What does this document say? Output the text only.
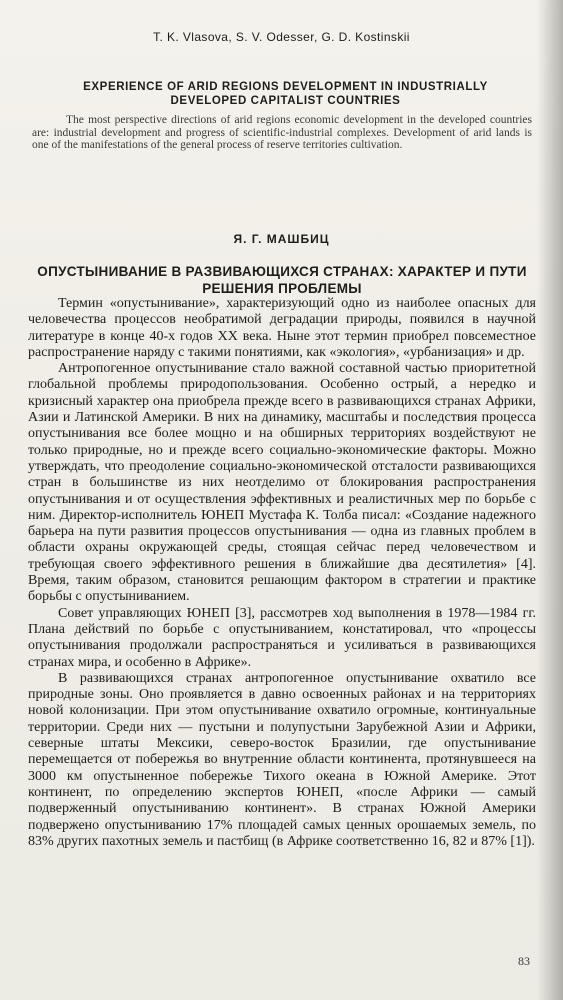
T. K. Vlasova, S. V. Odesser, G. D. Kostinskii
EXPERIENCE OF ARID REGIONS DEVELOPMENT IN INDUSTRIALLY DEVELOPED CAPITALIST COUNTRIES
The most perspective directions of arid regions economic development in the developed countries are: industrial development and progress of scientific-industrial complexes. Development of arid lands is one of the manifestations of the general process of reserve territories cultivation.
Я. Г. МАШБИЦ
ОПУСТЫНИВАНИЕ В РАЗВИВАЮЩИХСЯ СТРАНАХ: ХАРАКТЕР И ПУТИ РЕШЕНИЯ ПРОБЛЕМЫ

Термин «опустынивание», характеризующий одно из наиболее опасных для человечества процессов необратимой деградации природы, появился в научной литературе в конце 40-х годов XX века. Ныне этот термин приобрел повсеместное распространение наряду с такими понятиями, как «экология», «урбанизация» и др.

Антропогенное опустынивание стало важной составной частью приоритетной глобальной проблемы природопользования. Особенно острый, а нередко и кризисный характер она приобрела прежде всего в развивающихся странах Африки, Азии и Латинской Америки. В них на динамику, масштабы и последствия процесса опустынивания все более мощно и на обширных территориях воздействуют не только природные, но и прежде всего социально-экономические факторы. Можно утверждать, что преодоление социально-экономической отсталости развивающихся стран в большинстве из них неотделимо от блокирования распространения опустынивания и от осуществления эффективных и реалистичных мер по борьбе с ним. Директор-исполнитель ЮНЕП Мустафа К. Толба писал: «Создание надежного барьера на пути развития процессов опустынивания — одна из главных проблем в области охраны окружающей среды, стоящая сейчас перед человечеством и требующая своего эффективного решения в ближайшие два десятилетия» [4]. Время, таким образом, становится решающим фактором в стратегии и практике борьбы с опустыниванием.

Совет управляющих ЮНЕП [3], рассмотрев ход выполнения в 1978—1984 гг. Плана действий по борьбе с опустыниванием, констатировал, что «процессы опустынивания продолжали распространяться и усиливаться в развивающихся странах мира, и особенно в Африке».

В развивающихся странах антропогенное опустынивание охватило все природные зоны. Оно проявляется в давно освоенных районах и на территориях новой колонизации. При этом опустынивание охватило огромные, континуальные территории. Среди них — пустыни и полупустыни Зарубежной Азии и Африки, северные штаты Мексики, северо-восток Бразилии, где опустынивание перемещается от побережья во внутренние области континента, протянувшееся на 3000 км опустыненное побережье Тихого океана в Южной Америке. Этот континент, по определению экспертов ЮНЕП, «после Африки — самый подверженный опустыниванию континент». В странах Южной Америки подвержено опустыниванию 17% площадей самых ценных орошаемых земель, по 83% других пахотных земель и пастбищ (в Африке соответственно 16, 82 и 87% [1]).

83
